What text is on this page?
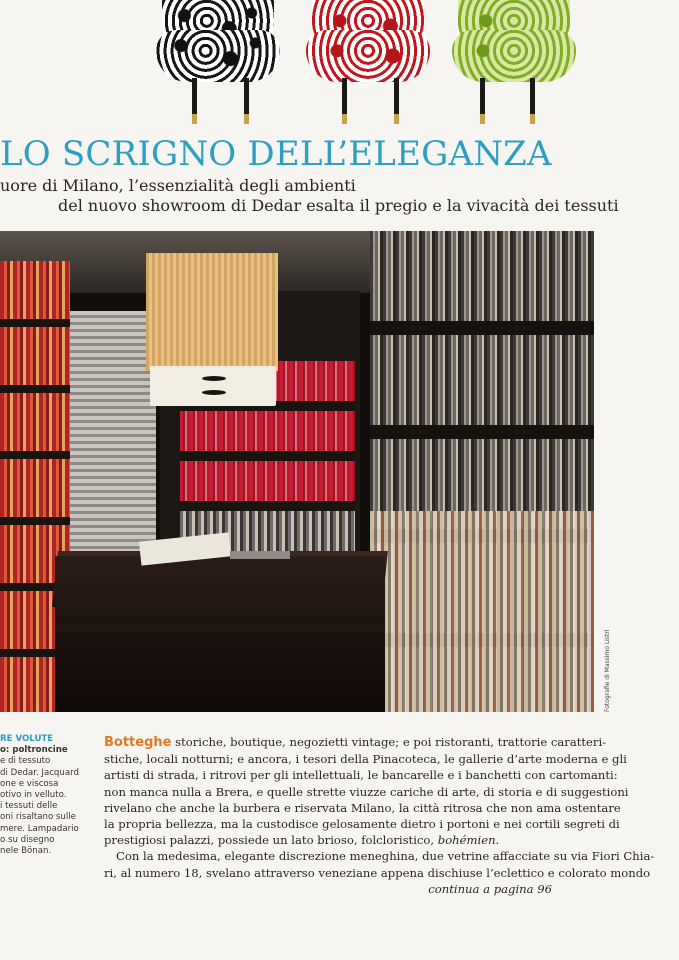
LO SCRIGNO DELL’ELEGANZA
uore di Milano, l’essenzialità degli ambienti
del nuovo showroom di Dedar esalta il pregio e la vivacità dei tessuti
Fotografie di Massimo Listri
RE VOLUTE
o: poltroncine
e di tessuto
di Dedar. Jacquard
one e viscosa
otivo in velluto.
i tessuti delle
oni risaltano sulle
mere. Lampadario
o su disegno
nele Bönan.
Botteghe storiche, boutique, negozietti vintage; e poi ristoranti, trattorie caratteri-
stiche, locali notturni; e ancora, i tesori della Pinacoteca, le gallerie d’arte moderna e gli
artisti di strada, i ritrovi per gli intellettuali, le bancarelle e i banchetti con cartomanti:
non manca nulla a Brera, e quelle strette viuzze cariche di arte, di storia e di suggestioni
rivelano che anche la burbera e riservata Milano, la città ritrosa che non ama ostentare
la propria bellezza, ma la custodisce gelosamente dietro i portoni e nei cortili segreti di
prestigiosi palazzi, possiede un lato brioso, folcloristico, bohémien.
Con la medesima, elegante discrezione meneghina, due vetrine affacciate su via Fiori Chia-
ri, al numero 18, svelano attraverso veneziane appena dischiuse l’eclettico e colorato mondo
continua a pagina 96
